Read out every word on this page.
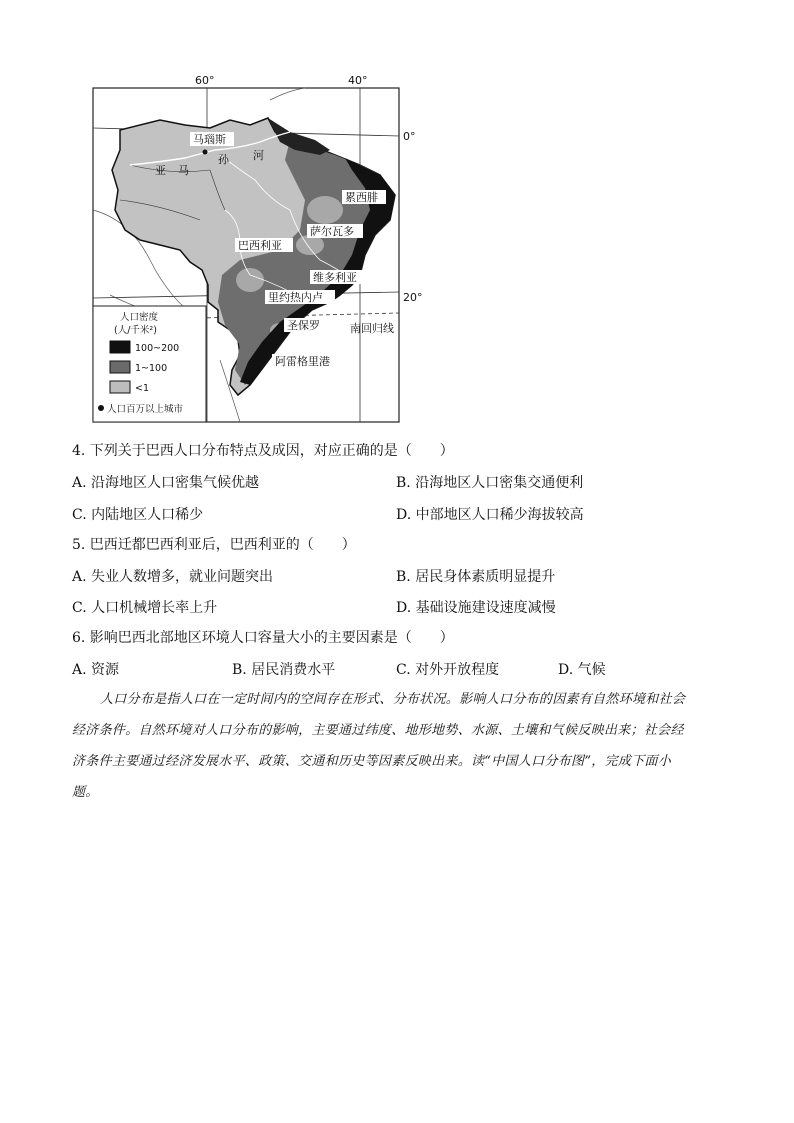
60°	40°
0°
20°
人口密度
(人/千米²)
100~200
1~100
<1
人口百万以上城市
马瑙斯
亚 马
孙 河
累西腓
萨尔瓦多
巴西利亚
维多利亚
里约热内卢
圣保罗	南回归线
阿雷格里港
4. 下列关于巴西人口分布特点及成因，对应正确的是（　　）
A. 沿海地区人口密集气候优越	B. 沿海地区人口密集交通便利
C. 内陆地区人口稀少	D. 中部地区人口稀少海拔较高
5. 巴西迁都巴西利亚后，巴西利亚的（　　）
A. 失业人数增多，就业问题突出	B. 居民身体素质明显提升
C. 人口机械增长率上升	D. 基础设施建设速度减慢
6. 影响巴西北部地区环境人口容量大小的主要因素是（　　）
A. 资源	B. 居民消费水平	C. 对外开放程度	D. 气候
人口分布是指人口在一定时间内的空间存在形式、分布状况。影响人口分布的因素有自然环境和社会
经济条件。自然环境对人口分布的影响，主要通过纬度、地形地势、水源、土壤和气候反映出来；社会经
济条件主要通过经济发展水平、政策、交通和历史等因素反映出来。读“中国人口分布图”，完成下面小
题。
